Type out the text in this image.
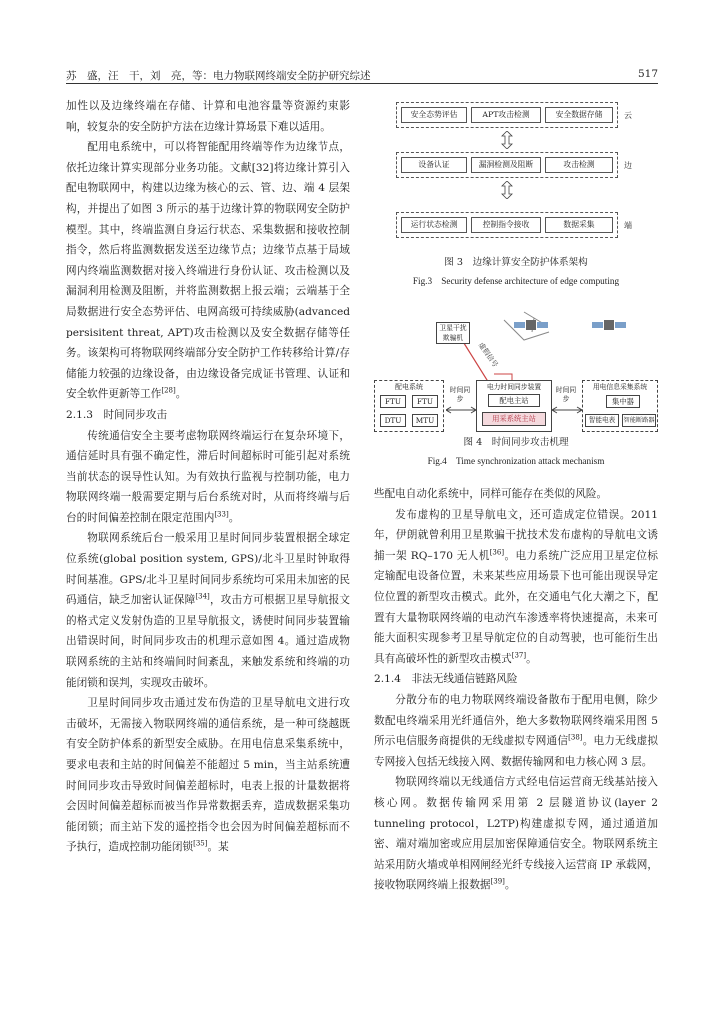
苏　盛，汪　干，刘　亮，等：电力物联网终端安全防护研究综述	517

加性以及边缘终端在存储、计算和电池容量等资源约束影响，较复杂的安全防护方法在边缘计算场景下难以适用。

配用电系统中，可以将智能配用终端等作为边缘节点，依托边缘计算实现部分业务功能。文献[32]将边缘计算引入配电物联网中，构建以边缘为核心的云、管、边、端 4 层架构，并提出了如图 3 所示的基于边缘计算的物联网安全防护模型。其中，终端监测自身运行状态、采集数据和接收控制指令，然后将监测数据发送至边缘节点；边缘节点基于局域网内终端监测数据对接入终端进行身份认证、攻击检测以及漏洞利用检测及阻断，并将监测数据上报云端；云端基于全局数据进行安全态势评估、电网高级可持续威胁(advanced persisitent threat, APT)攻击检测以及安全数据存储等任务。该架构可将物联网终端部分安全防护工作转移给计算/存储能力较强的边缘设备，由边缘设备完成证书管理、认证和安全软件更新等工作[28]。

2.1.3　时间同步攻击

传统通信安全主要考虑物联网终端运行在复杂环境下，通信延时具有强不确定性，滞后时间超标时可能引起对系统当前状态的误导性认知。为有效执行监视与控制功能，电力物联网终端一般需要定期与后台系统对时，从而将终端与后台的时间偏差控制在限定范围内[33]。

物联网系统后台一般采用卫星时间同步装置根据全球定位系统(global position system, GPS)/北斗卫星时钟取得时间基准。GPS/北斗卫星时间同步系统均可采用未加密的民码通信，缺乏加密认证保障[34]，攻击方可根据卫星导航报文的格式定义发射伪造的卫星导航报文，诱使时间同步装置输出错误时间，时间同步攻击的机理示意如图 4。通过造成物联网系统的主站和终端间时间紊乱，来触发系统和终端的功能闭锁和误判，实现攻击破坏。

卫星时间同步攻击通过发布伪造的卫星导航电文进行攻击破坏，无需接入物联网终端的通信系统，是一种可绕越既有安全防护体系的新型安全威胁。在用电信息采集系统中，要求电表和主站的时间偏差不能超过 5 min，当主站系统遭时间同步攻击导致时间偏差超标时，电表上报的计量数据将会因时间偏差超标而被当作异常数据丢弃，造成数据采集功能闭锁；而主站下发的遥控指令也会因为时间偏差超标而不予执行，造成控制功能闭锁[35]。某

安全态势评估	APT攻击检测	安全数据存储	云
设备认证	漏洞检测及阻断	攻击检测	边
运行状态检测	控制指令接收	数据采集	端
图 3　边缘计算安全防护体系架构
Fig.3　Security defense architecture of edge computing
卫星干扰欺骗机
虚假信号
配电系统
FTU	FTU
DTU	MTU
时间同步
电力时间同步装置
配电主站
用采系统主站
时间同步
用电信息采集系统
集中器
智能电表	智能断路器
图 4　时间同步攻击机理
Fig.4　Time synchronization attack mechanism

些配电自动化系统中，同样可能存在类似的风险。

发布虚构的卫星导航电文，还可造成定位错误。2011 年，伊朗就曾利用卫星欺骗干扰技术发布虚构的导航电文诱捕一架 RQ–170 无人机[36]。电力系统广泛应用卫星定位标定输配电设备位置，未来某些应用场景下也可能出现误导定位位置的新型攻击模式。此外，在交通电气化大潮之下，配置有大量物联网终端的电动汽车渗透率将快速提高，未来可能大面积实现参考卫星导航定位的自动驾驶，也可能衍生出具有高破坏性的新型攻击模式[37]。

2.1.4　非法无线通信链路风险

分散分布的电力物联网终端设备散布于配用电侧，除少数配电终端采用光纤通信外，绝大多数物联网终端采用图 5 所示电信服务商提供的无线虚拟专网通信[38]。电力无线虚拟专网接入包括无线接入网、数据传输网和电力核心网 3 层。

物联网终端以无线通信方式经电信运营商无线基站接入核心网。数据传输网采用第 2 层隧道协议(layer 2 tunneling protocol，L2TP)构建虚拟专网，通过通道加密、端对端加密或应用层加密保障通信安全。物联网系统主站采用防火墙或单相网闸经光纤专线接入运营商 IP 承载网，接收物联网终端上报数据[39]。
